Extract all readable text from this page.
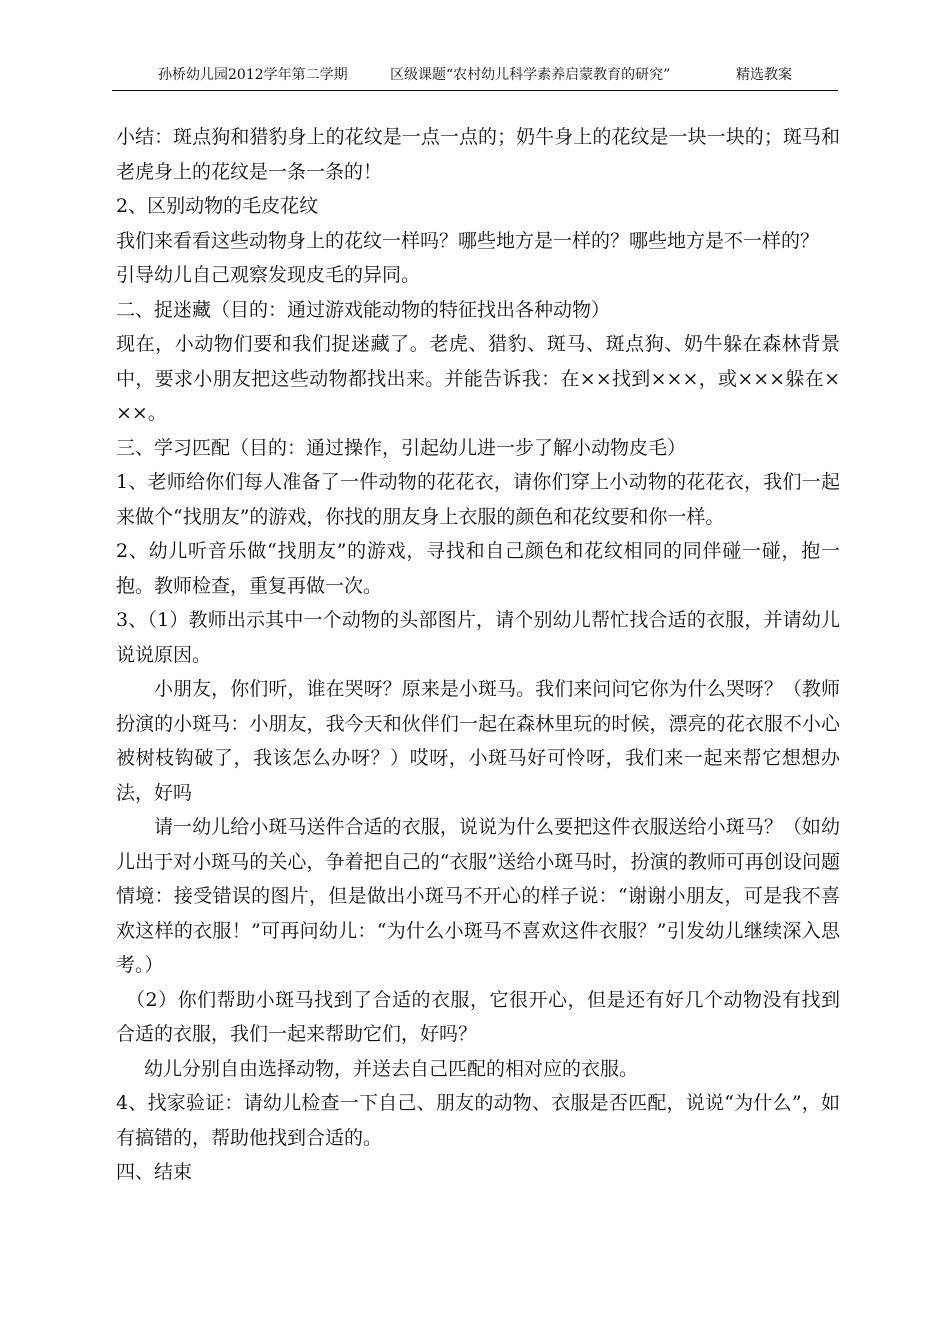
孙桥幼儿园2012学年第二学期	区级课题“农村幼儿科学素养启蒙教育的研究”	精选教案

小结：斑点狗和猎豹身上的花纹是一点一点的；奶牛身上的花纹是一块一块的；斑马和老虎身上的花纹是一条一条的！

2、区别动物的毛皮花纹

我们来看看这些动物身上的花纹一样吗？哪些地方是一样的？哪些地方是不一样的？

引导幼儿自己观察发现皮毛的异同。

二、捉迷藏（目的：通过游戏能动物的特征找出各种动物）

现在，小动物们要和我们捉迷藏了。老虎、猎豹、斑马、斑点狗、奶牛躲在森林背景中，要求小朋友把这些动物都找出来。并能告诉我：在××找到×××，或×××躲在×××。

三、学习匹配（目的：通过操作，引起幼儿进一步了解小动物皮毛）

1、老师给你们每人准备了一件动物的花花衣，请你们穿上小动物的花花衣，我们一起来做个“找朋友”的游戏，你找的朋友身上衣服的颜色和花纹要和你一样。

2、幼儿听音乐做“找朋友”的游戏，寻找和自己颜色和花纹相同的同伴碰一碰，抱一抱。教师检查，重复再做一次。

3、（1）教师出示其中一个动物的头部图片，请个别幼儿帮忙找合适的衣服，并请幼儿说说原因。

小朋友，你们听，谁在哭呀？原来是小斑马。我们来问问它你为什么哭呀？（教师扮演的小斑马：小朋友，我今天和伙伴们一起在森林里玩的时候，漂亮的花衣服不小心被树枝钩破了，我该怎么办呀？）哎呀，小斑马好可怜呀，我们来一起来帮它想想办法，好吗

请一幼儿给小斑马送件合适的衣服，说说为什么要把这件衣服送给小斑马？（如幼儿出于对小斑马的关心，争着把自己的“衣服”送给小斑马时，扮演的教师可再创设问题情境：接受错误的图片，但是做出小斑马不开心的样子说：“谢谢小朋友，可是我不喜欢这样的衣服！”可再问幼儿：“为什么小斑马不喜欢这件衣服？”引发幼儿继续深入思考。）

（2）你们帮助小斑马找到了合适的衣服，它很开心，但是还有好几个动物没有找到合适的衣服，我们一起来帮助它们，好吗？

幼儿分别自由选择动物，并送去自己匹配的相对应的衣服。

4、找家验证：请幼儿检查一下自己、朋友的动物、衣服是否匹配，说说“为什么”，如有搞错的，帮助他找到合适的。

四、结束
